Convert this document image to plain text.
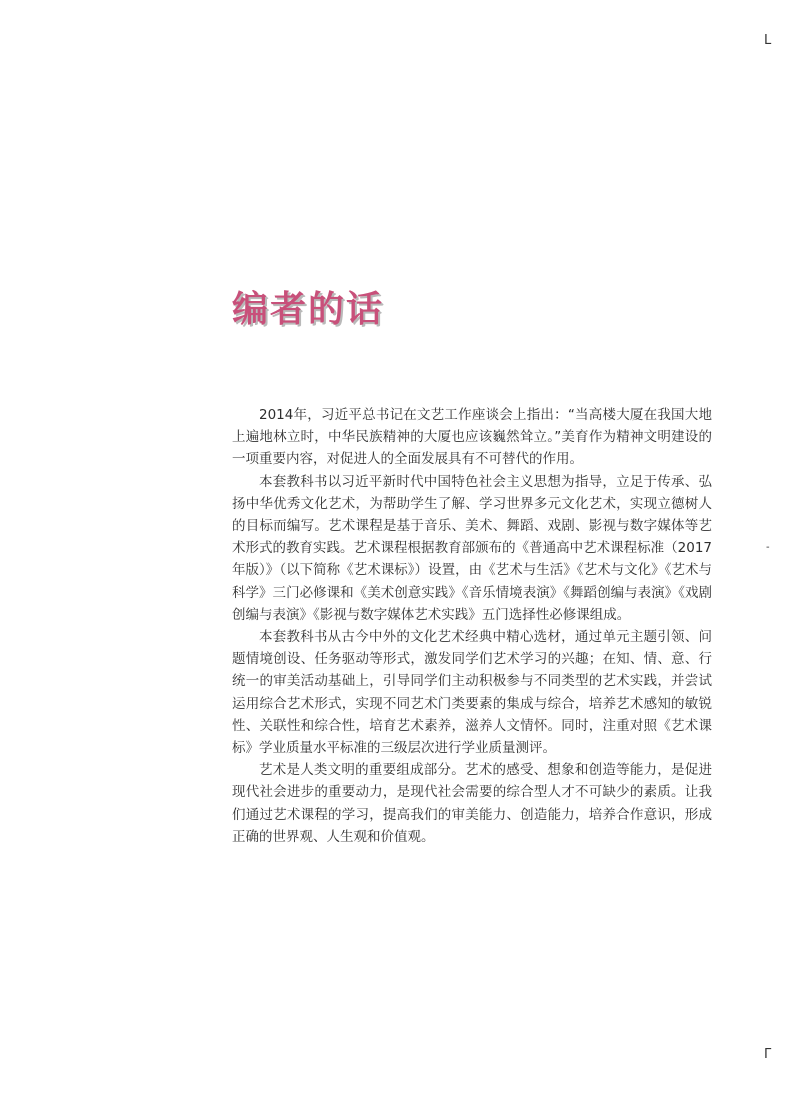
L
-
Γ
编者的话

2014年，习近平总书记在文艺工作座谈会上指出：“当高楼大厦在我国大地上遍地林立时，中华民族精神的大厦也应该巍然耸立。”美育作为精神文明建设的一项重要内容，对促进人的全面发展具有不可替代的作用。

本套教科书以习近平新时代中国特色社会主义思想为指导，立足于传承、弘扬中华优秀文化艺术，为帮助学生了解、学习世界多元文化艺术，实现立德树人的目标而编写。艺术课程是基于音乐、美术、舞蹈、戏剧、影视与数字媒体等艺术形式的教育实践。艺术课程根据教育部颁布的《普通高中艺术课程标准（2017年版）》（以下简称《艺术课标》）设置，由《艺术与生活》《艺术与文化》《艺术与科学》三门必修课和《美术创意实践》《音乐情境表演》《舞蹈创编与表演》《戏剧创编与表演》《影视与数字媒体艺术实践》五门选择性必修课组成。

本套教科书从古今中外的文化艺术经典中精心选材，通过单元主题引领、问题情境创设、任务驱动等形式，激发同学们艺术学习的兴趣；在知、情、意、行统一的审美活动基础上，引导同学们主动积极参与不同类型的艺术实践，并尝试运用综合艺术形式，实现不同艺术门类要素的集成与综合，培养艺术感知的敏锐性、关联性和综合性，培育艺术素养，滋养人文情怀。同时，注重对照《艺术课标》学业质量水平标准的三级层次进行学业质量测评。

艺术是人类文明的重要组成部分。艺术的感受、想象和创造等能力，是促进现代社会进步的重要动力，是现代社会需要的综合型人才不可缺少的素质。让我们通过艺术课程的学习，提高我们的审美能力、创造能力，培养合作意识，形成正确的世界观、人生观和价值观。
